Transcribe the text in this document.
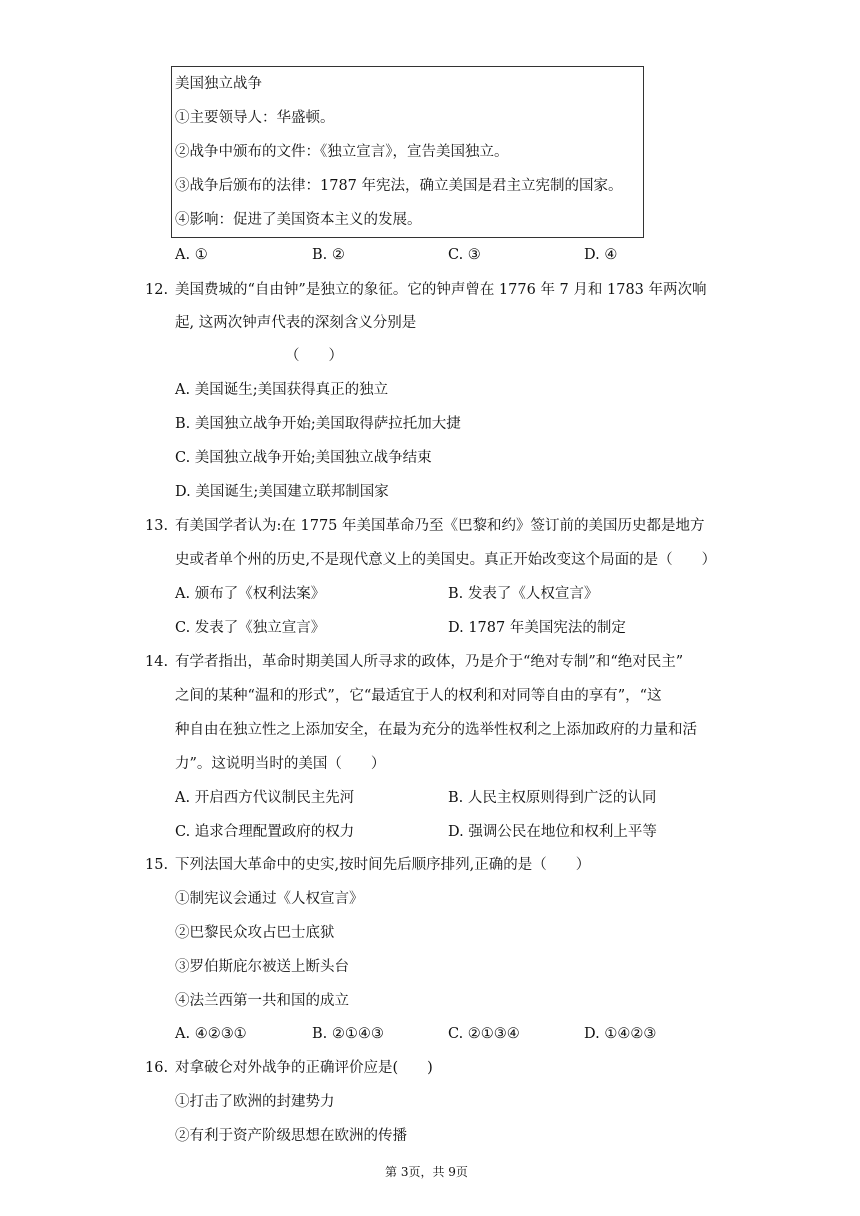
美国独立战争
①主要领导人：华盛顿。
②战争中颁布的文件：《独立宣言》，宣告美国独立。
③战争后颁布的法律：1787 年宪法，确立美国是君主立宪制的国家。
④影响：促进了美国资本主义的发展。
A. ①	B. ②	C. ③	D. ④
12. 美国费城的“自由钟”是独立的象征。它的钟声曾在 1776 年 7 月和 1783 年两次响
起, 这两次钟声代表的深刻含义分别是
（　　）
A. 美国诞生;美国获得真正的独立
B. 美国独立战争开始;美国取得萨拉托加大捷
C. 美国独立战争开始;美国独立战争结束
D. 美国诞生;美国建立联邦制国家
13. 有美国学者认为:在 1775 年美国革命乃至《巴黎和约》签订前的美国历史都是地方
史或者单个州的历史,不是现代意义上的美国史。真正开始改变这个局面的是（　　）
A. 颁布了《权利法案》	B. 发表了《人权宣言》
C. 发表了《独立宣言》	D. 1787 年美国宪法的制定
14. 有学者指出，革命时期美国人所寻求的政体，乃是介于“绝对专制”和“绝对民主”
之间的某种“温和的形式”，它“最适宜于人的权利和对同等自由的享有”，“这
种自由在独立性之上添加安全，在最为充分的选举性权利之上添加政府的力量和活
力”。这说明当时的美国（　　）
A. 开启西方代议制民主先河	B. 人民主权原则得到广泛的认同
C. 追求合理配置政府的权力	D. 强调公民在地位和权利上平等
15. 下列法国大革命中的史实,按时间先后顺序排列,正确的是（　　）
①制宪议会通过《人权宣言》
②巴黎民众攻占巴士底狱
③罗伯斯庇尔被送上断头台
④法兰西第一共和国的成立
A. ④②③①	B. ②①④③	C. ②①③④	D. ①④②③
16. 对拿破仑对外战争的正确评价应是(　　)
①打击了欧洲的封建势力
②有利于资产阶级思想在欧洲的传播
第 3页，共 9页
